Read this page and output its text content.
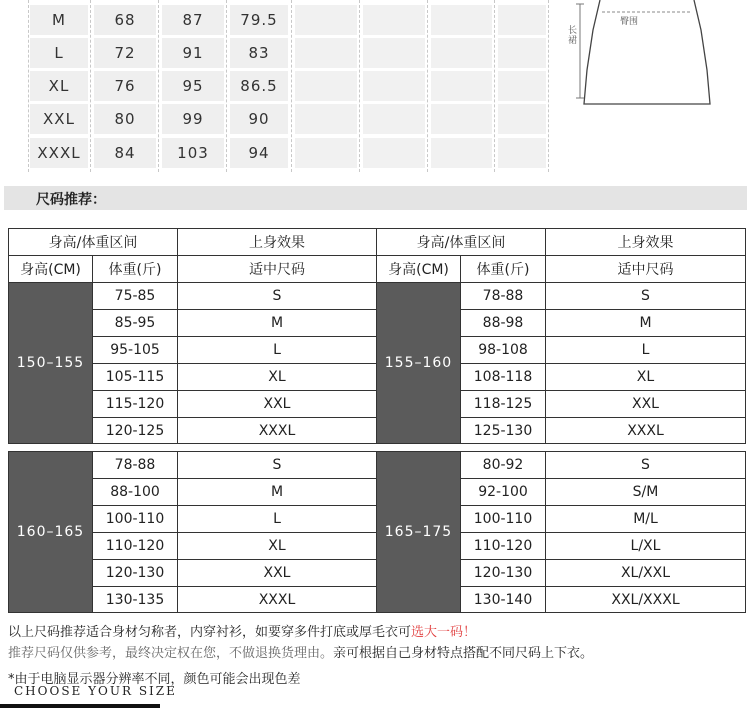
M	68	87	79.5
L	72	91	83
XL	76	95	86.5
XXL	80	99	90
XXXL	84	103	94
臀围
长裙
尺码推荐：
身高/体重区间		上身效果	身高/体重区间		上身效果
身高(CM)	体重(斤)	适中尺码	身高(CM)	体重(斤)	适中尺码
150–155	75-85	S	155–160	78-88	S
	85-95	M		88-98	M
	95-105	L		98-108	L
	105-115	XL		108-118	XL
	115-120	XXL		118-125	XXL
	120-125	XXXL		125-130	XXXL
160–165	78-88	S	165–175	80-92	S
	88-100	M		92-100	S/M
	100-110	L		100-110	M/L
	110-120	XL		110-120	L/XL
	120-130	XXL		120-130	XL/XXL
	130-135	XXXL		130-140	XXL/XXXL
以上尺码推荐适合身材匀称者，内穿衬衫，如要穿多件打底或厚毛衣可选大一码！
推荐尺码仅供参考，最终决定权在您，不做退换货理由。亲可根据自己身材特点搭配不同尺码上下衣。
*由于电脑显示器分辨率不同，颜色可能会出现色差
CHOOSE YOUR SIZE
